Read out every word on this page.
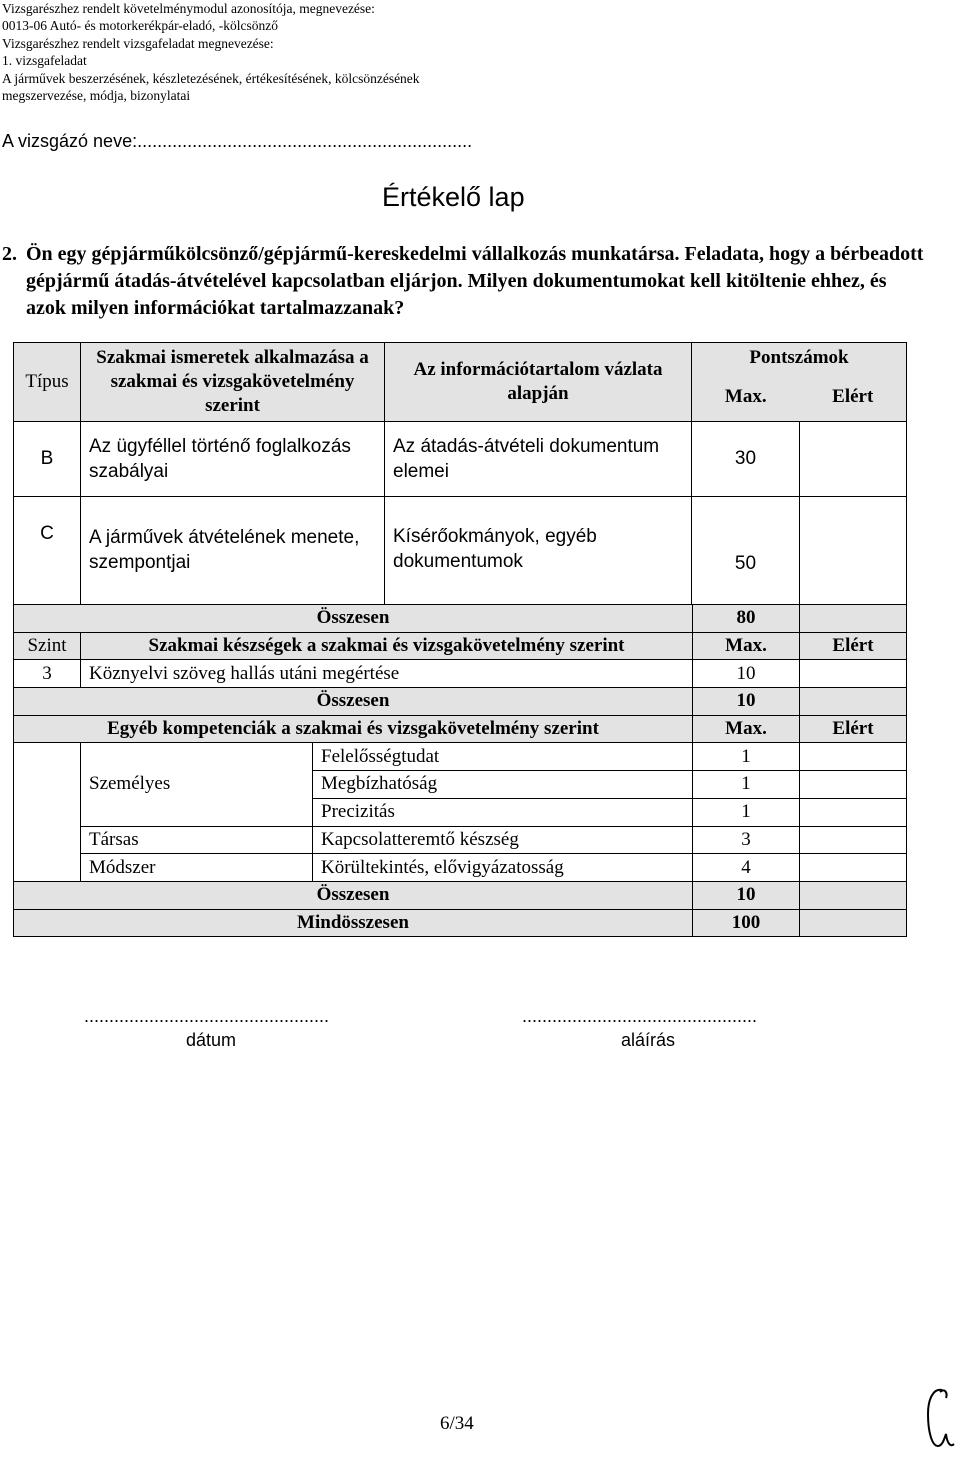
Vizsgarészhez rendelt követelménymodul azonosítója, megnevezése:
0013-06 Autó- és motorkerékpár-eladó, -kölcsönző
Vizsgarészhez rendelt vizsgafeladat megnevezése:
1. vizsgafeladat
A járművek beszerzésének, készletezésének, értékesítésének, kölcsönzésének
megszervezése, módja, bizonylatai
A vizsgázó neve:...................................................................
Értékelő lap
2. Ön egy gépjárműkölcsönző/gépjármű-kereskedelmi vállalkozás munkatársa. Feladata, hogy a bérbeadott gépjármű átadás-átvételével kapcsolatban eljárjon. Milyen dokumentumokat kell kitöltenie ehhez, és azok milyen információkat tartalmazzanak?
Típus	Szakmai ismeretek alkalmazása a szakmai és vizsgakövetelmény szerint	Az információtartalom vázlata alapján	Pontszámok	
			Max.	Elért
B	Az ügyféllel történő foglalkozás szabályai	Az átadás-átvételi dokumentum elemei	30	
C	A járművek átvételének menete, szempontjai	Kísérőokmányok, egyéb dokumentumok	50	
Összesen			80	
Szint	Szakmai készségek a szakmai és vizsgakövetelmény szerint		Max.	Elért
3	Köznyelvi szöveg hallás utáni megértése		10	
Összesen			10	
Egyéb kompetenciák a szakmai és vizsgakövetelmény szerint			Max.	Elért
	Személyes	Felelősségtudat	1	
		Megbízhatóság	1	
		Precizitás	1	
	Társas	Kapcsolatteremtő készség	3	
	Módszer	Körültekintés, elővigyázatosság	4	
Összesen			10	
Mindösszesen			100	
.................................................
dátum
...............................................
aláírás
6/34
